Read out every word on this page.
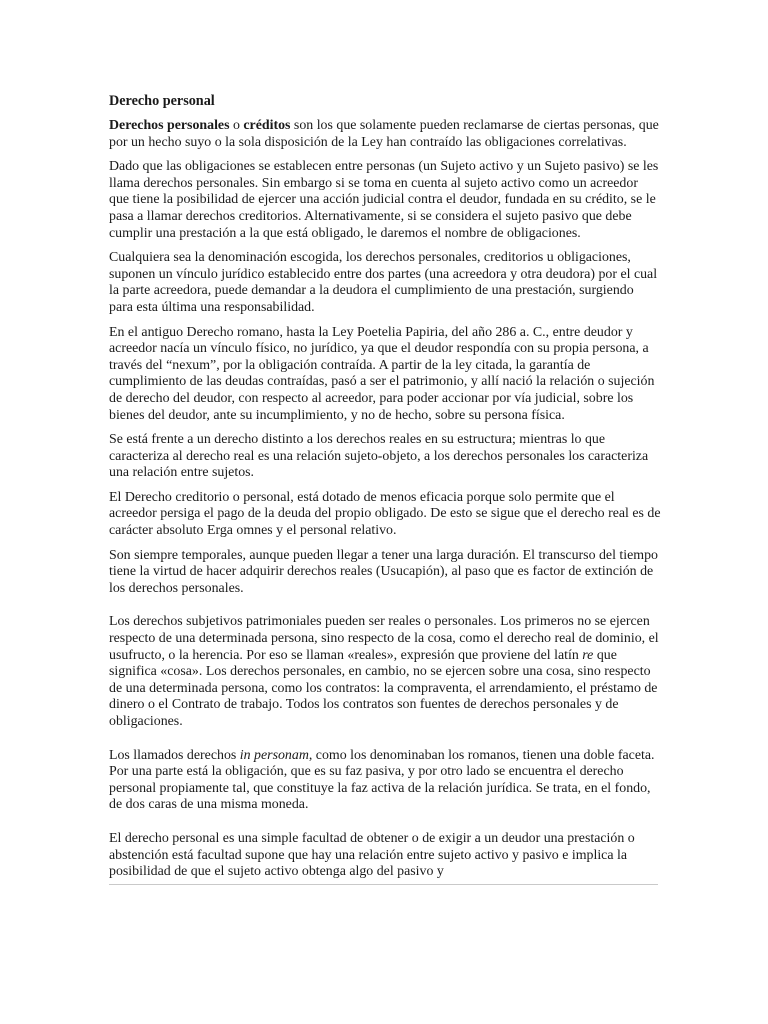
Derecho personal

Derechos personales o créditos son los que solamente pueden reclamarse de ciertas personas, que por un hecho suyo o la sola disposición de la Ley han contraído las obligaciones correlativas.

Dado que las obligaciones se establecen entre personas (un Sujeto activo y un Sujeto pasivo) se les llama derechos personales. Sin embargo si se toma en cuenta al sujeto activo como un acreedor que tiene la posibilidad de ejercer una acción judicial contra el deudor, fundada en su crédito, se le pasa a llamar derechos creditorios. Alternativamente, si se considera el sujeto pasivo que debe cumplir una prestación a la que está obligado, le daremos el nombre de obligaciones.

Cualquiera sea la denominación escogida, los derechos personales, creditorios u obligaciones, suponen un vínculo jurídico establecido entre dos partes (una acreedora y otra deudora) por el cual la parte acreedora, puede demandar a la deudora el cumplimiento de una prestación, surgiendo para esta última una responsabilidad.

En el antiguo Derecho romano, hasta la Ley Poetelia Papiria, del año 286 a. C., entre deudor y acreedor nacía un vínculo físico, no jurídico, ya que el deudor respondía con su propia persona, a través del “nexum”, por la obligación contraída. A partir de la ley citada, la garantía de cumplimiento de las deudas contraídas, pasó a ser el patrimonio, y allí nació la relación o sujeción de derecho del deudor, con respecto al acreedor, para poder accionar por vía judicial, sobre los bienes del deudor, ante su incumplimiento, y no de hecho, sobre su persona física.

Se está frente a un derecho distinto a los derechos reales en su estructura; mientras lo que caracteriza al derecho real es una relación sujeto-objeto, a los derechos personales los caracteriza una relación entre sujetos.

El Derecho creditorio o personal, está dotado de menos eficacia porque solo permite que el acreedor persiga el pago de la deuda del propio obligado. De esto se sigue que el derecho real es de carácter absoluto Erga omnes y el personal relativo.

Son siempre temporales, aunque pueden llegar a tener una larga duración. El transcurso del tiempo tiene la virtud de hacer adquirir derechos reales (Usucapión), al paso que es factor de extinción de los derechos personales.

Los derechos subjetivos patrimoniales pueden ser reales o personales. Los primeros no se ejercen respecto de una determinada persona, sino respecto de la cosa, como el derecho real de dominio, el usufructo, o la herencia. Por eso se llaman «reales», expresión que proviene del latín re que significa «cosa». Los derechos personales, en cambio, no se ejercen sobre una cosa, sino respecto de una determinada persona, como los contratos: la compraventa, el arrendamiento, el préstamo de dinero o el Contrato de trabajo. Todos los contratos son fuentes de derechos personales y de obligaciones.

Los llamados derechos in personam, como los denominaban los romanos, tienen una doble faceta. Por una parte está la obligación, que es su faz pasiva, y por otro lado se encuentra el derecho personal propiamente tal, que constituye la faz activa de la relación jurídica. Se trata, en el fondo, de dos caras de una misma moneda.

El derecho personal es una simple facultad de obtener o de exigir a un deudor una prestación o abstención está facultad supone que hay una relación entre sujeto activo y pasivo e implica la posibilidad de que el sujeto activo obtenga algo del pasivo y
